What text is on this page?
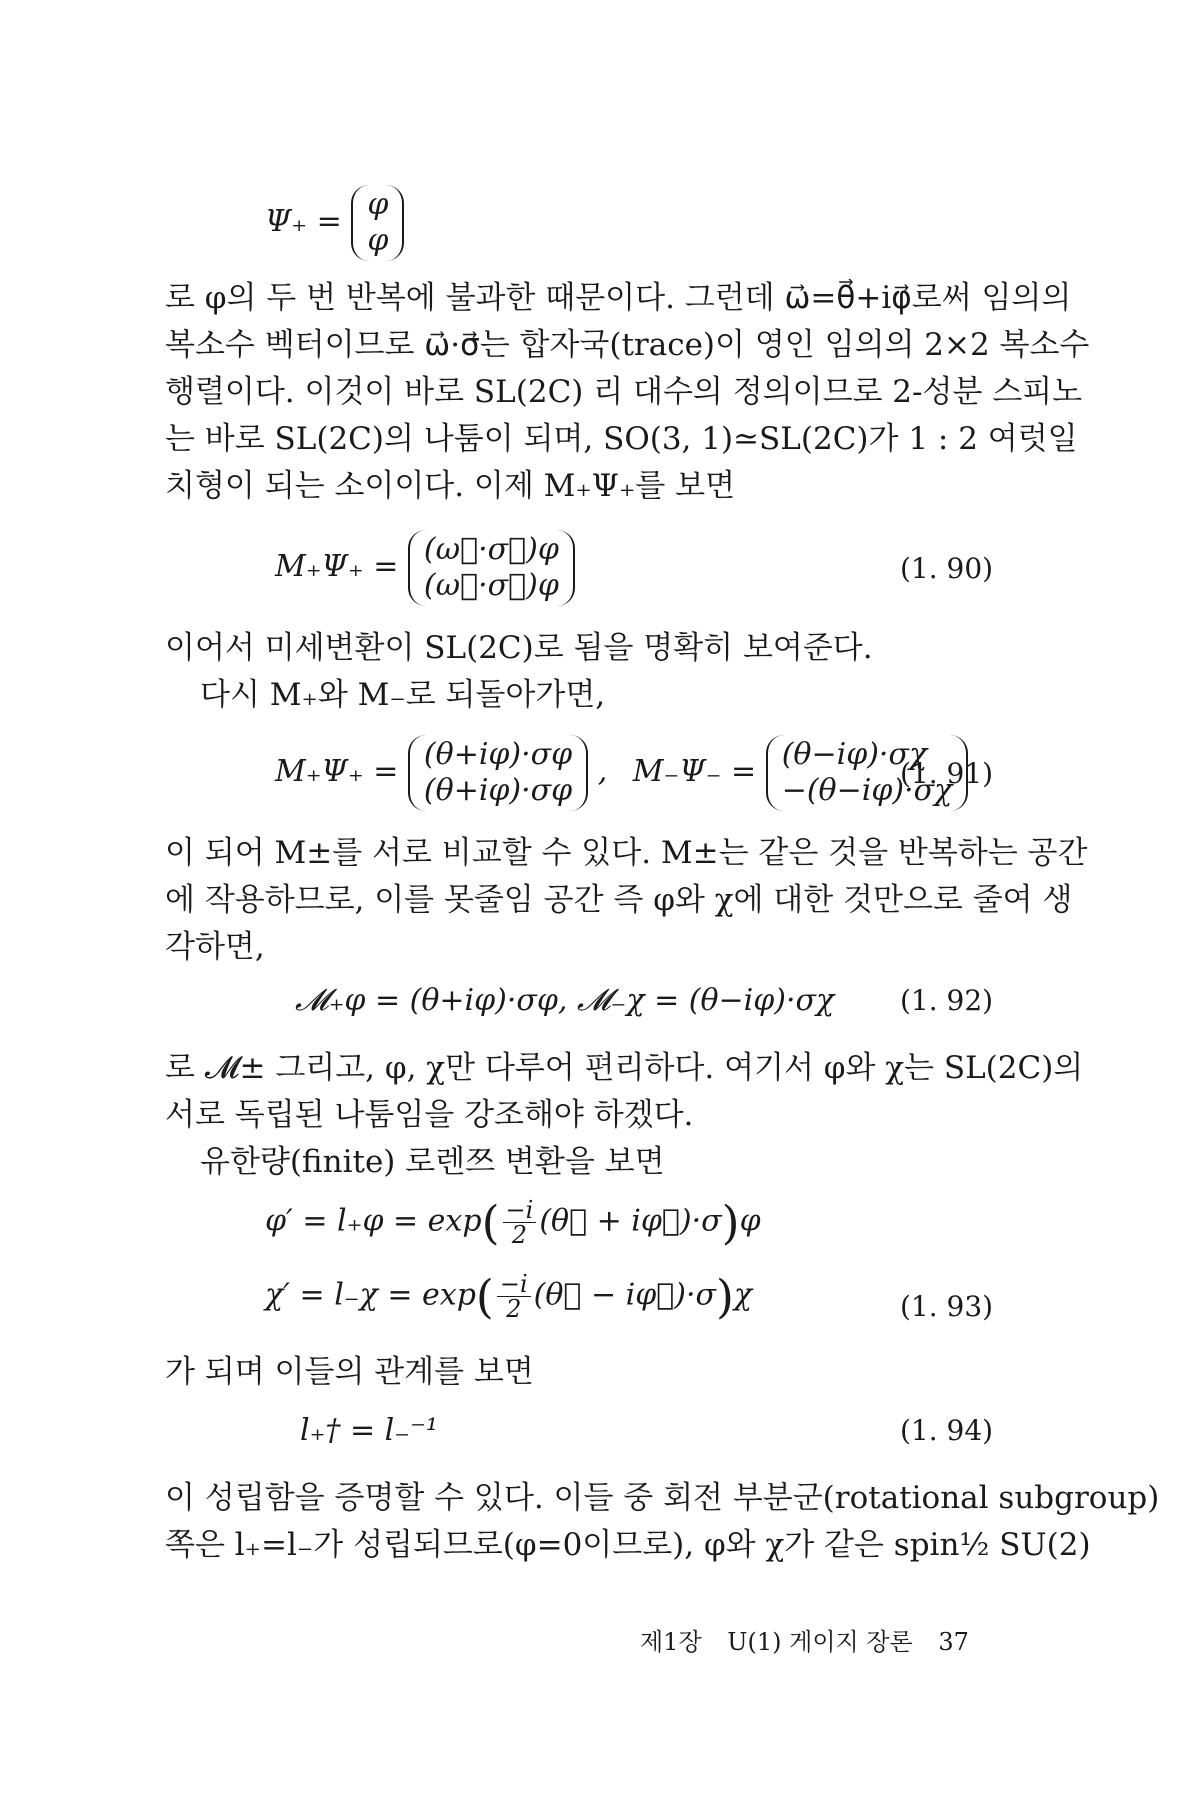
Ψ₊ = φ
φ
로 φ의 두 번 반복에 불과한 때문이다. 그런데 ω⃗=θ⃗+iφ⃗로써 임의의
복소수 벡터이므로 ω⃗·σ⃗는 합자국(trace)이 영인 임의의 2×2 복소수
행렬이다. 이것이 바로 SL(2C) 리 대수의 정의이므로 2-성분 스피노
는 바로 SL(2C)의 나툼이 되며, SO(3, 1)≃SL(2C)가 1 : 2 여럿일
치형이 되는 소이이다. 이제 M₊Ψ₊를 보면
M₊Ψ₊ = (ω⃗·σ⃗)φ
(ω⃗·σ⃗)φ	(1. 90)
이어서 미세변환이 SL(2C)로 됨을 명확히 보여준다.
다시 M₊와 M₋로 되돌아가면,
M₊Ψ₊ = (θ+iφ)·σφ
(θ+iφ)·σφ
, M₋Ψ₋ = (θ−iφ)·σχ
−(θ−iφ)·σχ
(1. 91)
이 되어 M±를 서로 비교할 수 있다. M±는 같은 것을 반복하는 공간
에 작용하므로, 이를 못줄임 공간 즉 φ와 χ에 대한 것만으로 줄여 생
각하면,
𝓜₊φ = (θ+iφ)·σφ, 𝓜₋χ = (θ−iφ)·σχ (1. 92)
로 𝓜± 그리고, φ, χ만 다루어 편리하다. 여기서 φ와 χ는 SL(2C)의
서로 독립된 나툼임을 강조해야 하겠다.
유한량(finite) 로렌쯔 변환을 보면
$\varphi' = l_+\varphi = \exp( \frac{-i}{2}$ (θ⃗ + iφ⃗)·σ)φ
$\chi' = l_-\chi = \exp( \frac{-i}{2}$ (θ⃗ − iφ⃗)·σ)χ	(1. 93)
가 되며 이들의 관계를 보면
l₊† = l₋⁻¹	(1. 94)
이 성립함을 증명할 수 있다. 이들 중 회전 부분군(rotational subgroup)
쪽은 l₊=l₋가 성립되므로(φ=0이므로), φ와 χ가 같은 spin½ SU(2)
제1장 U(1) 게이지 장론 37
